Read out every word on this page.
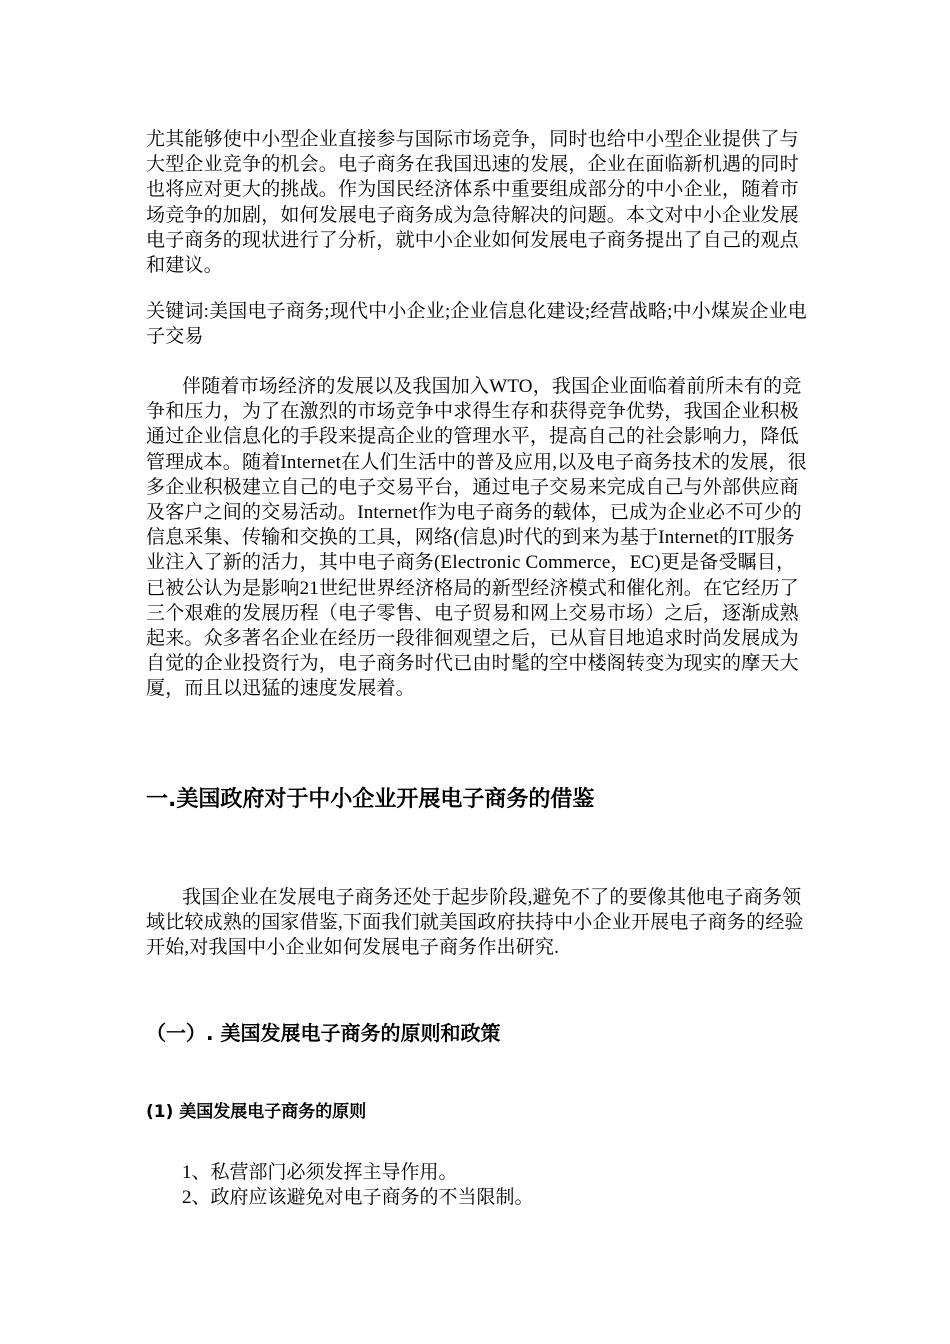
尤其能够使中小型企业直接参与国际市场竞争，同时也给中小型企业提供了与大型企业竞争的机会。电子商务在我国迅速的发展，企业在面临新机遇的同时也将应对更大的挑战。作为国民经济体系中重要组成部分的中小企业，随着市场竞争的加剧，如何发展电子商务成为急待解决的问题。本文对中小企业发展电子商务的现状进行了分析，就中小企业如何发展电子商务提出了自己的观点和建议。

关键词:美国电子商务;现代中小企业;企业信息化建设;经营战略;中小煤炭企业电子交易

伴随着市场经济的发展以及我国加入WTO，我国企业面临着前所未有的竞争和压力，为了在激烈的市场竞争中求得生存和获得竞争优势，我国企业积极通过企业信息化的手段来提高企业的管理水平，提高自己的社会影响力，降低管理成本。随着Internet在人们生活中的普及应用,以及电子商务技术的发展，很多企业积极建立自己的电子交易平台，通过电子交易来完成自己与外部供应商及客户之间的交易活动。Internet作为电子商务的载体，已成为企业必不可少的信息采集、传输和交换的工具，网络(信息)时代的到来为基于Internet的IT服务业注入了新的活力，其中电子商务(Electronic Commerce，EC)更是备受瞩目，已被公认为是影响21世纪世界经济格局的新型经济模式和催化剂。在它经历了三个艰难的发展历程（电子零售、电子贸易和网上交易市场）之后，逐渐成熟起来。众多著名企业在经历一段徘徊观望之后，已从盲目地追求时尚发展成为自觉的企业投资行为，电子商务时代已由时髦的空中楼阁转变为现实的摩天大厦，而且以迅猛的速度发展着。

一.美国政府对于中小企业开展电子商务的借鉴

我国企业在发展电子商务还处于起步阶段,避免不了的要像其他电子商务领域比较成熟的国家借鉴,下面我们就美国政府扶持中小企业开展电子商务的经验开始,对我国中小企业如何发展电子商务作出研究.

（一）. 美国发展电子商务的原则和政策
(1) 美国发展电子商务的原则
1、私营部门必须发挥主导作用。
2、政府应该避免对电子商务的不当限制。
